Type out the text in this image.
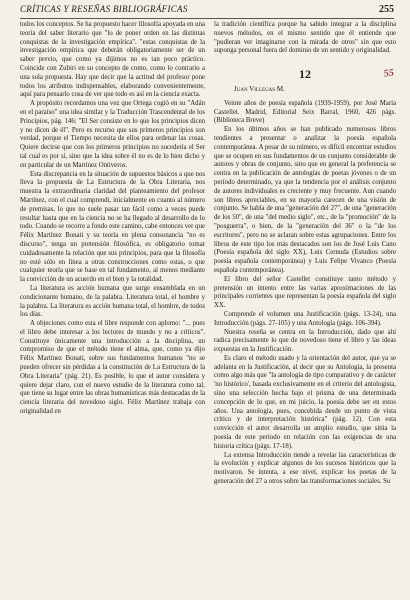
CRÍTICAS Y RESEÑAS BIBLIOGRÁFICAS	255

todos los conceptos. Se ha propuesto hacer filosofía apoyada en una teoría del saber literario que "lo de poner orden en las distintas conquistas de la investigación empírica". "estas conquistas de la investigación empírica que deberán obligatoriamente ser de un saber previo, que como ya dijimos no es tan poco práctico. Coincide con Zubiri en su concepto de como, como lo contrario a una sola propuesta. Hay que decir que la actitud del profesor pone todos los atributos indispensables, elaborando convenientemente, aquí para pensarlo cosa de ver que todo es así en la ciencia exacta.

A propósito recordamos una vez que Ortega cogió en su "Adán en el paraíso" una idea similar y la Traducción Trascendental de los Principios, pág. 146: "El Ser consiste en lo que los principios dicen y no dicen de él". Pero es recurso que sus primeros principios son verdad, porque el Tiempo necesita de ellos para ordenar las cosas. Quiere decirse que con los primeros principios no sucedería el Ser tal cual es por sí, sino que la idea sobre él no es de lo bien dicho y en particular de un Martínez Ontiveros.

Esta discrepancia en la situación de supuestos básicos a que nos lleva la propuesta de La Estructura de la Obra Literaria, nos muestra la extraordinaria claridad del planteamiento del profesor Martínez, con el cual comprendí, inicialmente en cuanto al número de premisas, lo que no suele pasar tan fácil como a veces puede resultar hasta que en la ciencia no se ha llegado al desarrollo de lo todo. Cuando se recorre a fondo este camino, cabe entonces ver que Félix Martínez Bonati y su teoría en plena consonancia "no es discurso", tenga un pretensión filosófica, es obligatorio tomar cuidadosamente la relación que sus principios, para que la filosofía no esté sólo en línea a otras construcciones como estas, o que cualquier teoría que se base en tal fundamento, al menos mediante la convicción de un acuerdo en el bien y la totalidad.

La literatura es acción humana que surge ensamblada en un condicionante humano, de la palabra. Literatura total, el hombre y la palabra. La literatura es acción humana total, el hombre, de todos los días.

A objeciones como esta el libre responde con aplomo: "... pues el libro debe interesar a los lectores de mundo y no a críticos". Constituye únicamente una introducción a la disciplina, un compromiso de que el método tiene el alma, que, como ya dijo Félix Martínez Bonati, sobre sus fundamentos humanos "no se pueden ofrecer sin pérdidas a la constitución de La Estructura de la Obra Literaria" (pág. 21). Es posible, lo que el autor considera y quiere dejar claro, con el nuevo estudio de la literatura como tal, que tiene su lugar entre las obras humanísticas más destacadas de la ciencia literaria del novedoso siglo. Félix Martínez trabaja con originalidad en

la tradición científica porque ha sabido integrar a la disciplina nuevos métodos, en el mismo sentido que él entiende que "pudieran ver imaginarse con la mirada de otros" sin que esto suponga personal fuera del dominio de un sentido y originalidad.

12	55
Juan Villegas M.

Veinte años de poesía española (1939-1959), por José María Castellet. Madrid, Editorial Seix Barral, 1960, 426 págs. (Biblioteca Breve)

En los últimos años se han publicado numerosos libros tendientes a presentar o analizar la poesía española contemporánea. A pesar de su número, es difícil encontrar estudios que se ocupen en sus fundamentos de un conjunto considerable de autores y obras de conjunto, sino que en general la preferencia se centra en la publicación de antologías de poetas jóvenes o de un período determinado, ya que la tendencia por el análisis conjunto de autores individuales es creciente y muy frecuente. Aun cuando son libros apreciables, en su mayoría carecen de una visión de conjunto. Se habla de una "generación del 27", de una "generación de los 50", de una "del medio siglo", etc., de la "promoción" de la "posguerra", o bien, de la "generación del 36" o la "de los escritores", pero no se aclaran sobre estas agrupaciones. Entre los libros de este tipo los más destacados son los de José Luis Cano (Poesía española del siglo XX), Luis Cernuda (Estudios sobre poesía española contemporánea) y Luis Felipe Vivanco (Poesía española contemporánea).

El libro del señor Castellet constituye tanto método y pretensión un intento entre las varias aproximaciones de las principales corrientes que representan la poesía española del siglo XX.

Comprende el volumen una Justificación (págs. 13-24), una Introducción (págs. 27-105) y una Antología (págs. 106-394).

Nuestra reseña se centra en la Introducción, dado que ahí radica precisamente lo que de novedoso tiene el libro y las ideas expuestas en la Justificación.

Es claro el método usado y la orientación del autor, que ya se adelanta en la Justificación, al decir que su Antología, la presenta como algo más que "la antología de tipo comparativo y de carácter 'no histórico', basada exclusivamente en el criterio del antologista, sino una selección hecha bajo el prisma de una determinada concepción de lo que, en mi juicio, la poesía debe ser en estos años. Una antología, pues, concebida desde un punto de vista crítico y de interpretación histórica" (pág. 12). Con esta convicción el autor desarrolla un amplio estudio, que sitúa la poesía de este período en relación con las exigencias de una historia crítica (págs. 17-18).

La extensa Introducción tiende a revelar las características de la evolución y explicar algunos de los sucesos históricos que la motivaron. Se intenta, a ese nivel, explicar los poetas de la generación del 27 a otros sobre las transformaciones sociales. Su
